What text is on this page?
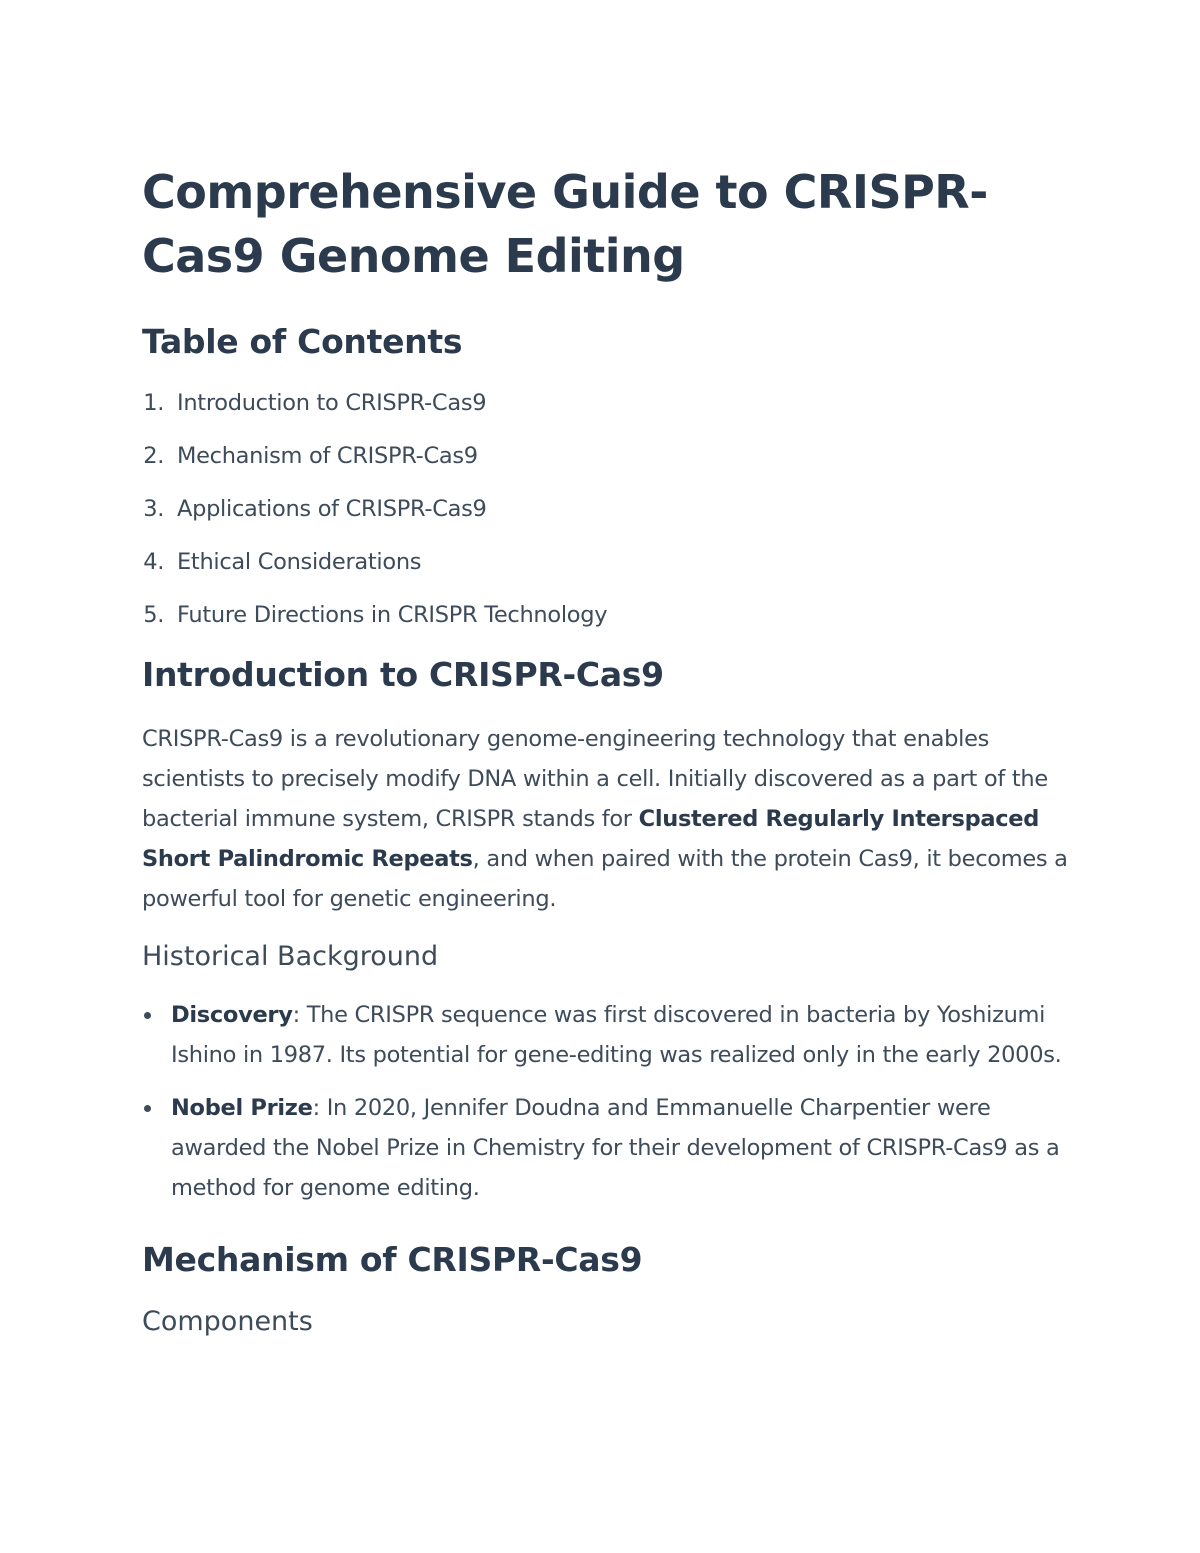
Comprehensive Guide to CRISPR-Cas9 Genome Editing
Table of Contents
1 . Introduction to CRISPR-Cas9
2 . Mechanism of CRISPR-Cas9
3 . Applications of CRISPR-Cas9
4 . Ethical Considerations
5 . Future Directions in CRISPR Technology
Introduction to CRISPR-Cas9

CRISPR-Cas9 is a revolutionary genome-engineering technology that enables scientists to precisely modify DNA within a cell. Initially discovered as a part of the bacterial immune system, CRISPR stands for Clustered Regularly Interspaced Short Palindromic Repeats, and when paired with the protein Cas9, it becomes a powerful tool for genetic engineering.

Historical Background
Discovery: The CRISPR sequence was first discovered in bacteria by Yoshizumi Ishino in 1987. Its potential for gene-editing was realized only in the early 2000s.
Nobel Prize: In 2020, Jennifer Doudna and Emmanuelle Charpentier were awarded the Nobel Prize in Chemistry for their development of CRISPR-Cas9 as a method for genome editing.
Mechanism of CRISPR-Cas9
Components
